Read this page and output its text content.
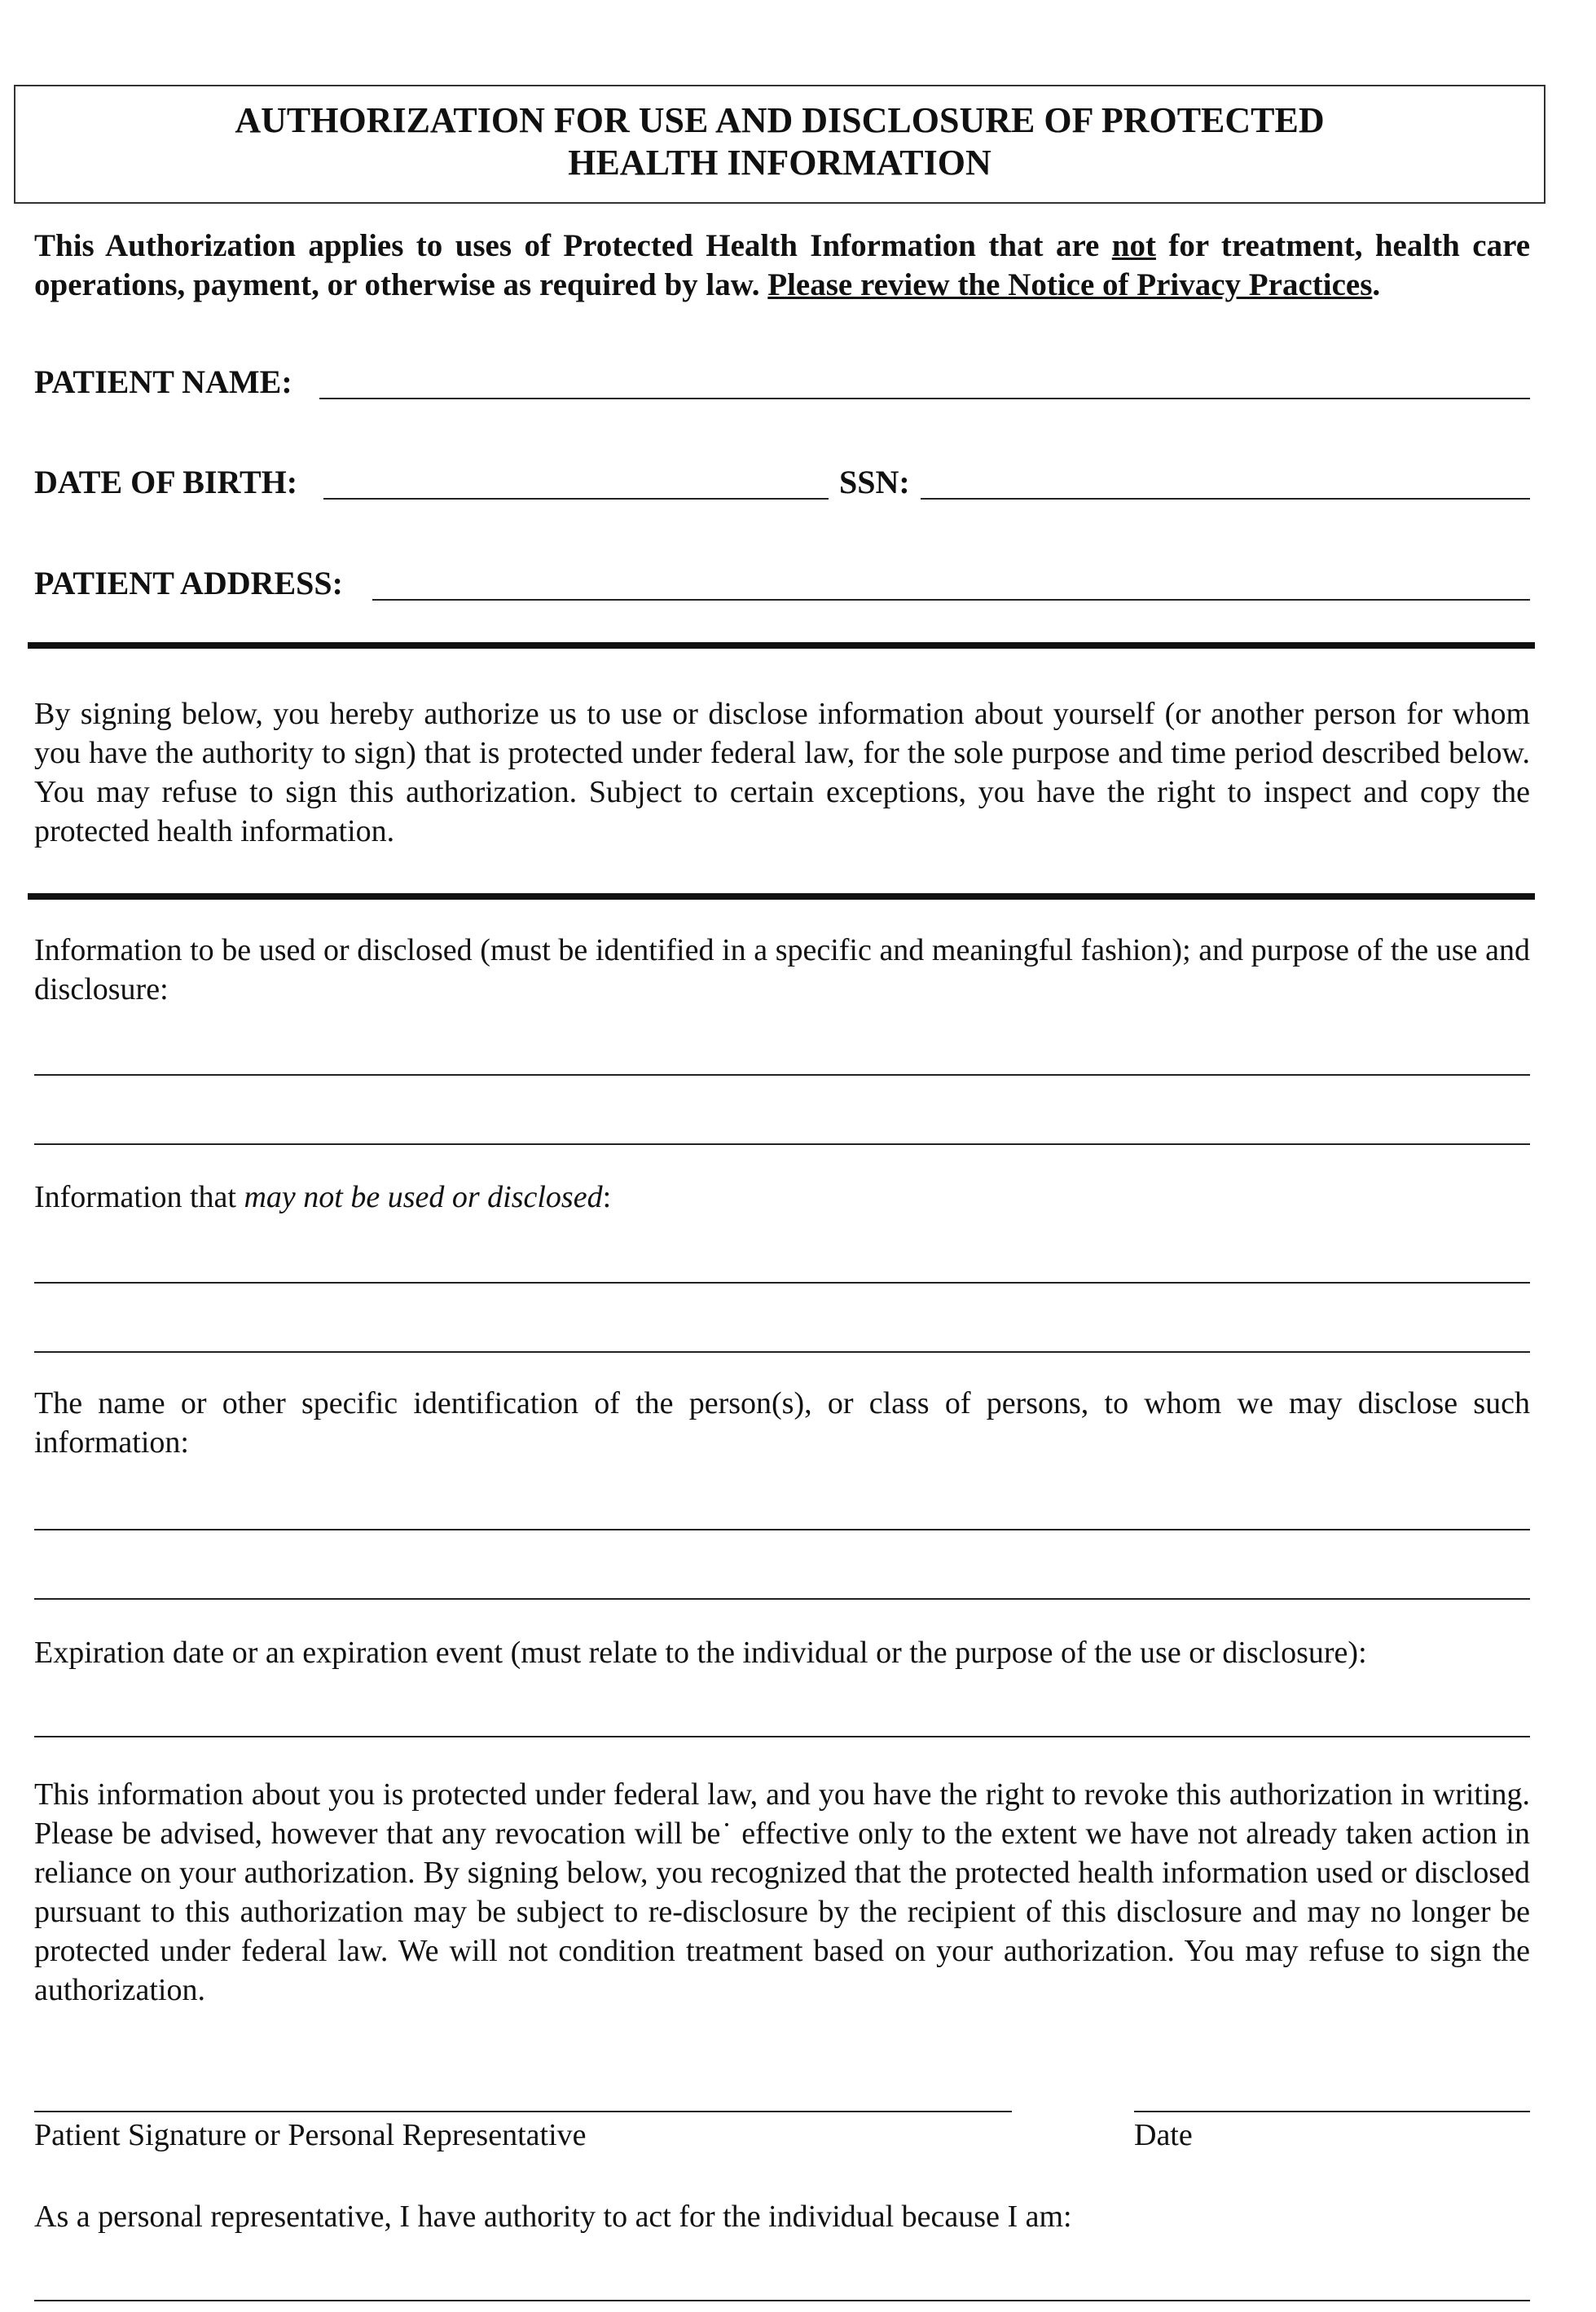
AUTHORIZATION FOR USE AND DISCLOSURE OF PROTECTED
HEALTH INFORMATION
This Authorization applies to uses of Protected Health Information that are not for treatment, health care operations, payment, or otherwise as required by law. Please review the Notice of Privacy Practices.
PATIENT NAME:
DATE OF BIRTH:	SSN:
PATIENT ADDRESS:
By signing below, you hereby authorize us to use or disclose information about yourself (or another person for whom you have the authority to sign) that is protected under federal law, for the sole purpose and time period described below. You may refuse to sign this authorization. Subject to certain exceptions, you have the right to inspect and copy the protected health information.
Information to be used or disclosed (must be identified in a specific and meaningful fashion); and purpose of the use and disclosure:
Information that may not be used or disclosed:
The name or other specific identification of the person(s), or class of persons, to whom we may disclose such information:
Expiration date or an expiration event (must relate to the individual or the purpose of the use or disclosure):
This information about you is protected under federal law, and you have the right to revoke this authorization in writing. Please be advised, however that any revocation will be˙ effective only to the extent we have not already taken action in reliance on your authorization. By signing below, you recognized that the protected health information used or disclosed pursuant to this authorization may be subject to re-disclosure by the recipient of this disclosure and may no longer be protected under federal law. We will not condition treatment based on your authorization. You may refuse to sign the authorization.
Patient Signature or Personal Representative	Date
As a personal representative, I have authority to act for the individual because I am:
